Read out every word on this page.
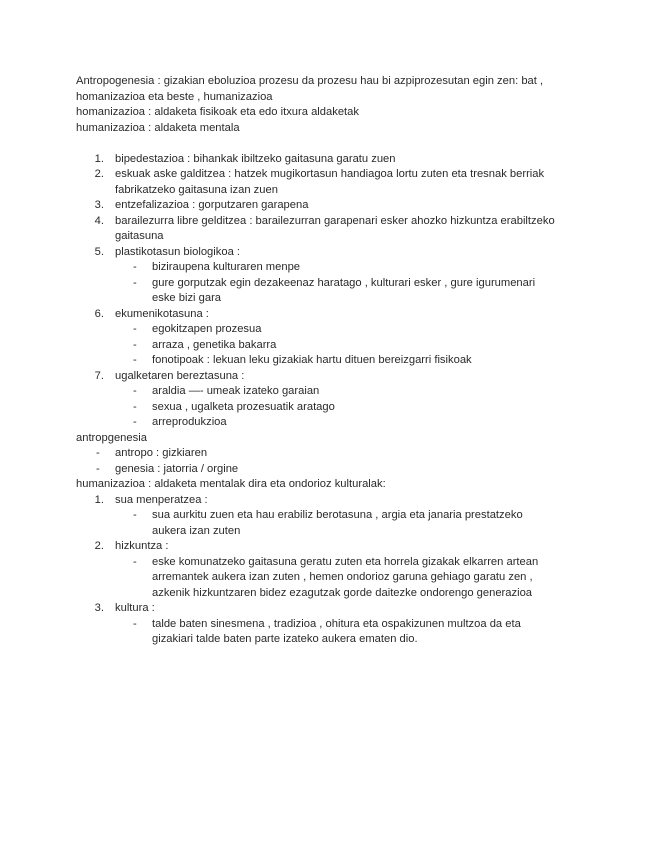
Antropogenesia : gizakian eboluzioa prozesu da prozesu hau bi azpiprozesutan egin zen: bat ,
homanizazioa eta beste , humanizazioa
homanizazioa : aldaketa fisikoak eta edo itxura aldaketak
humanizazioa : aldaketa mentala
1. bipedestazioa : bihankak ibiltzeko gaitasuna garatu zuen
2. eskuak aske galditzea : hatzek mugikortasun handiagoa lortu zuten eta tresnak berriak
fabrikatzeko gaitasuna izan zuen
3. entzefalizazioa : gorputzaren garapena
4. barailezurra libre gelditzea : barailezurran garapenari esker ahozko hizkuntza erabiltzeko
gaitasuna
5. plastikotasun biologikoa :
- biziraupena kulturaren menpe
- gure gorputzak egin dezakeenaz haratago , kulturari esker , gure igurumenari
eske bizi gara
6. ekumenikotasuna :
- egokitzapen prozesua
- arraza , genetika bakarra
- fonotipoak : lekuan leku gizakiak hartu dituen bereizgarri fisikoak
7. ugalketaren bereztasuna :
- araldia —- umeak izateko garaian
- sexua , ugalketa prozesuatik aratago
- arreprodukzioa
antropgenesia
- antropo : gizkiaren
- genesia : jatorria / orgine
humanizazioa : aldaketa mentalak dira eta ondorioz kulturalak:
1. sua menperatzea :
- sua aurkitu zuen eta hau erabiliz berotasuna , argia eta janaria prestatzeko
aukera izan zuten
2. hizkuntza :
- eske komunatzeko gaitasuna geratu zuten eta horrela gizakak elkarren artean
arremantek aukera izan zuten , hemen ondorioz garuna gehiago garatu zen ,
azkenik hizkuntzaren bidez ezagutzak gorde daitezke ondorengo generazioa
3. kultura :
- talde baten sinesmena , tradizioa , ohitura eta ospakizunen multzoa da eta
gizakiari talde baten parte izateko aukera ematen dio.
